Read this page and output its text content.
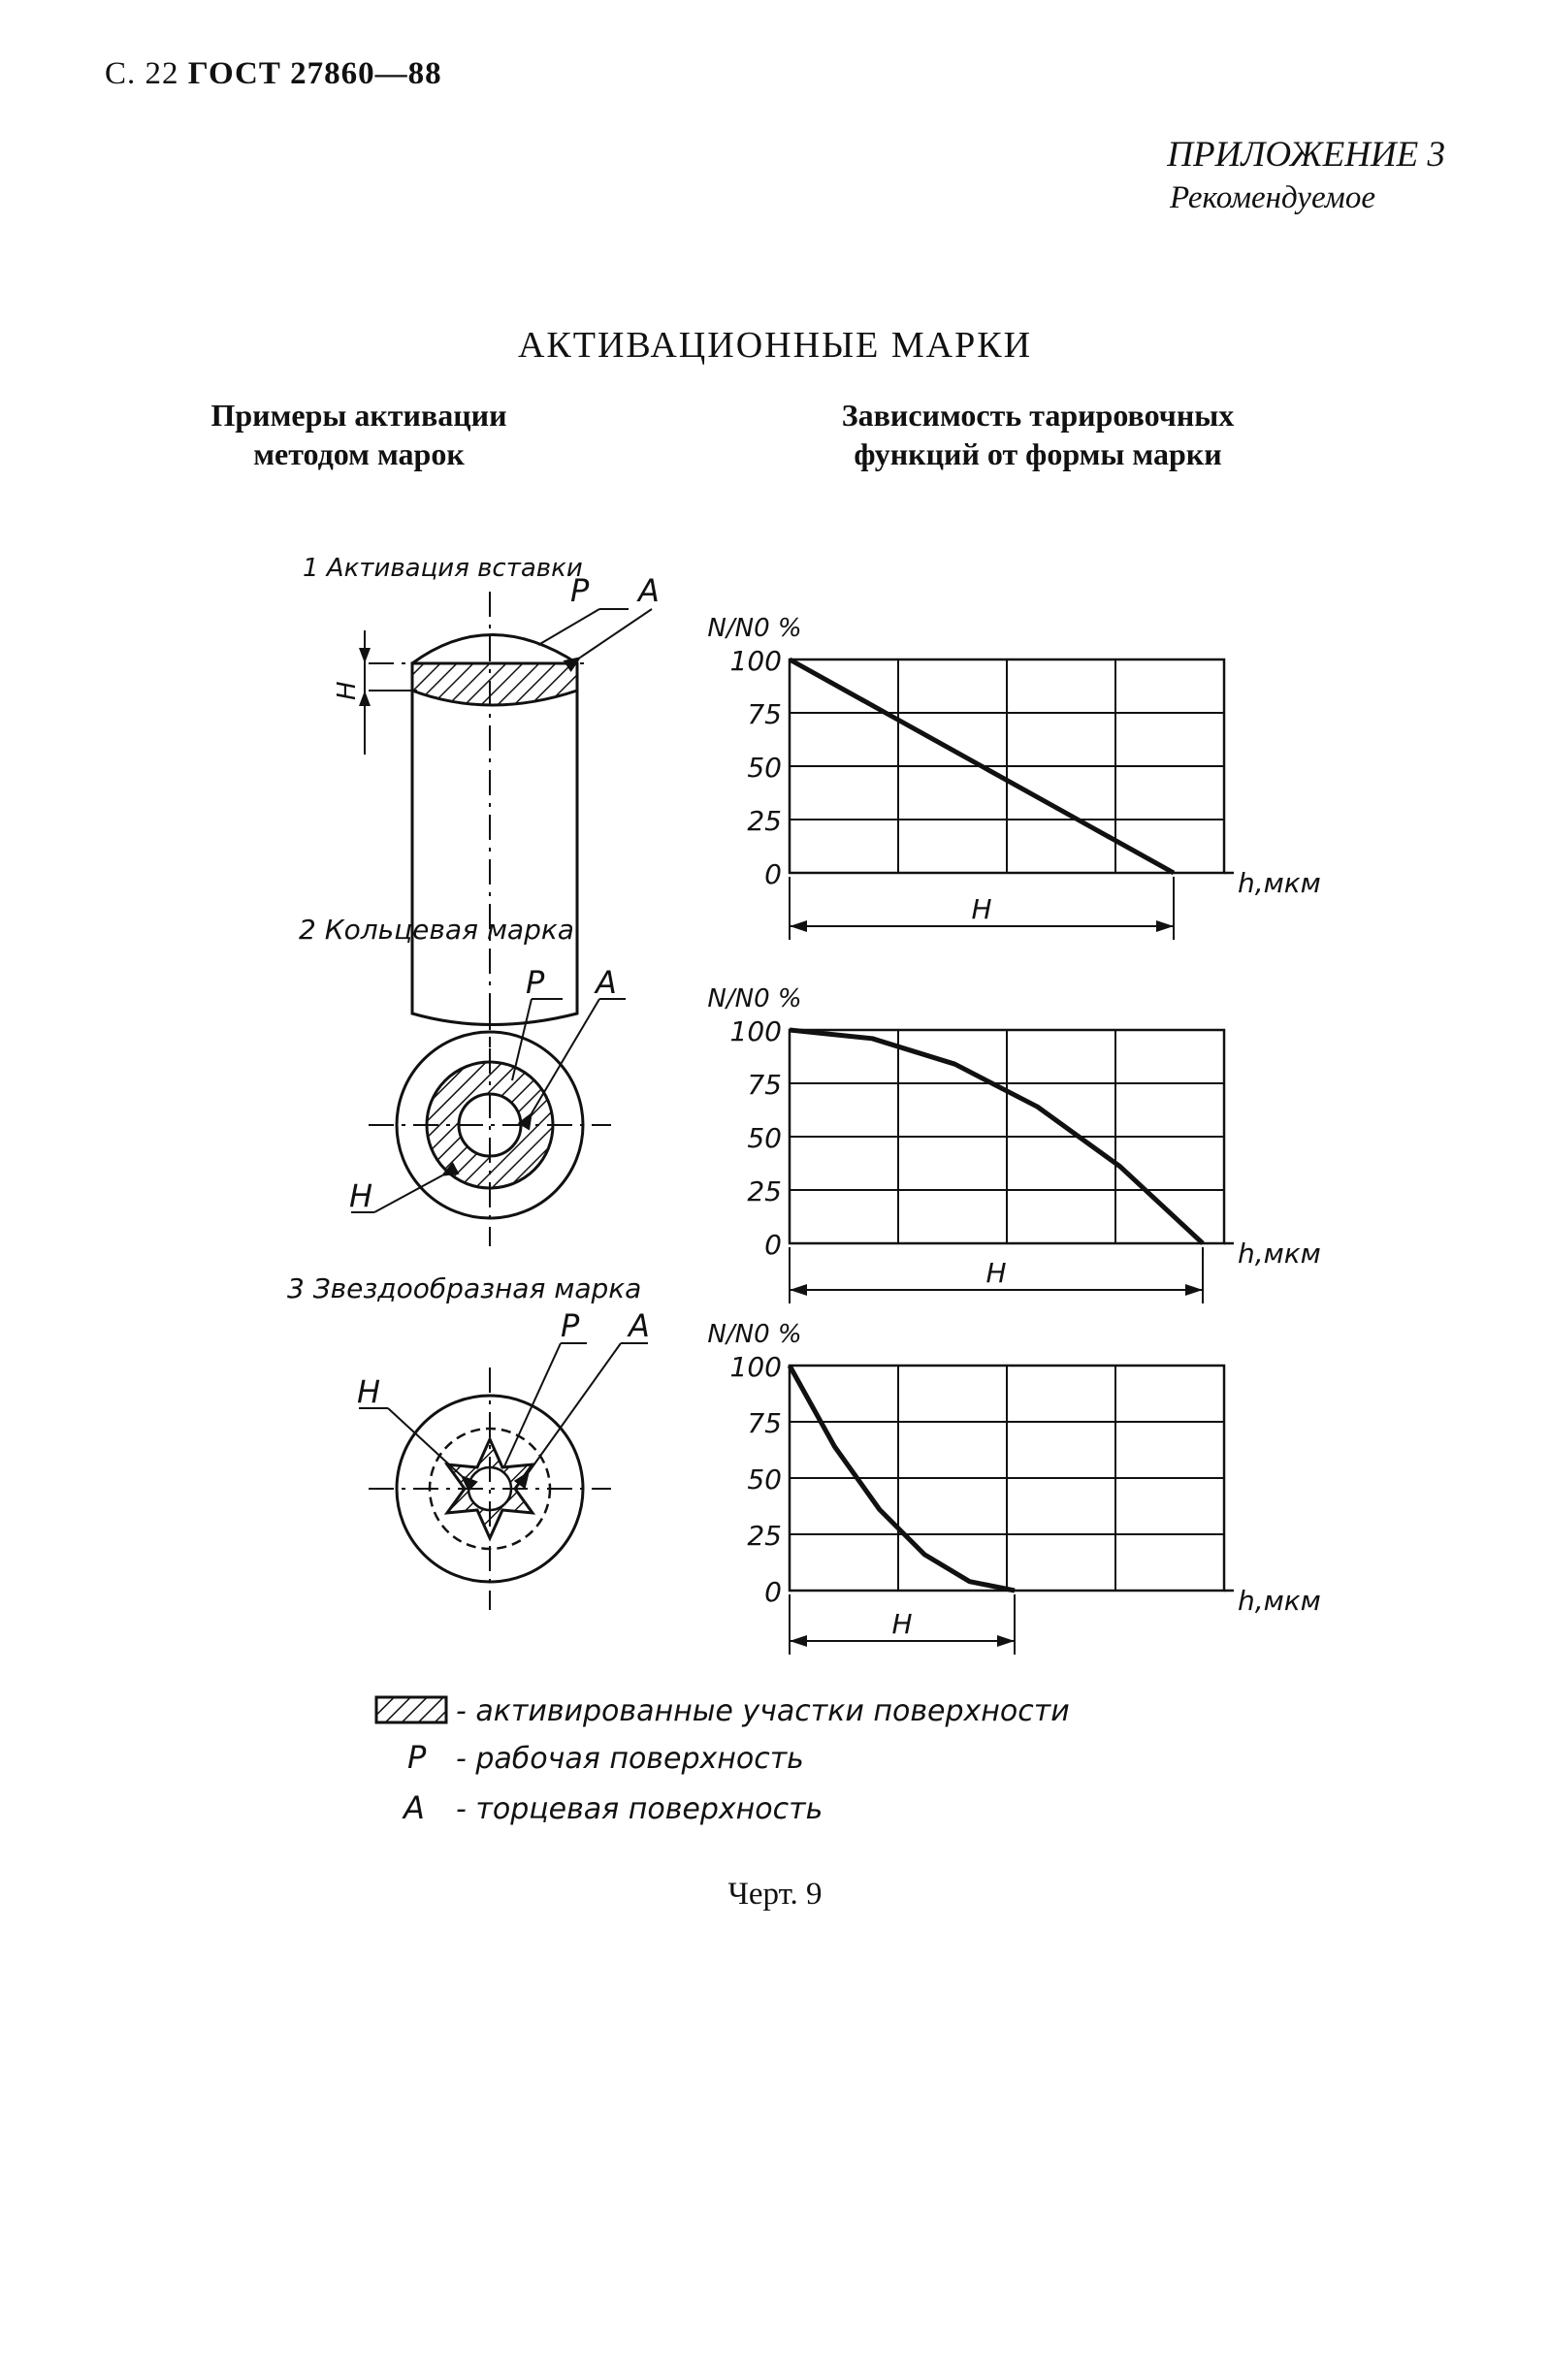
С. 22 ГОСТ 27860—88
ПРИЛОЖЕНИЕ 3
Рекомендуемое
АКТИВАЦИОННЫЕ МАРКИ
Примеры активации
методом марок
Зависимость тарировочных
функций от формы марки
1 Активация вставки
H
P A
2 Кольцевая марка
P A
H
3 Звездообразная марка
P A
H
100
75
50
25
0
N/N0 %
h,мкм
H
100
75
50
25
0
N/N0 %
h,мкм
H
100
75
50
25
0
N/N0 %
h,мкм
H
- активированные участки поверхности
P - рабочая поверхность
A - торцевая поверхность
Черт. 9
